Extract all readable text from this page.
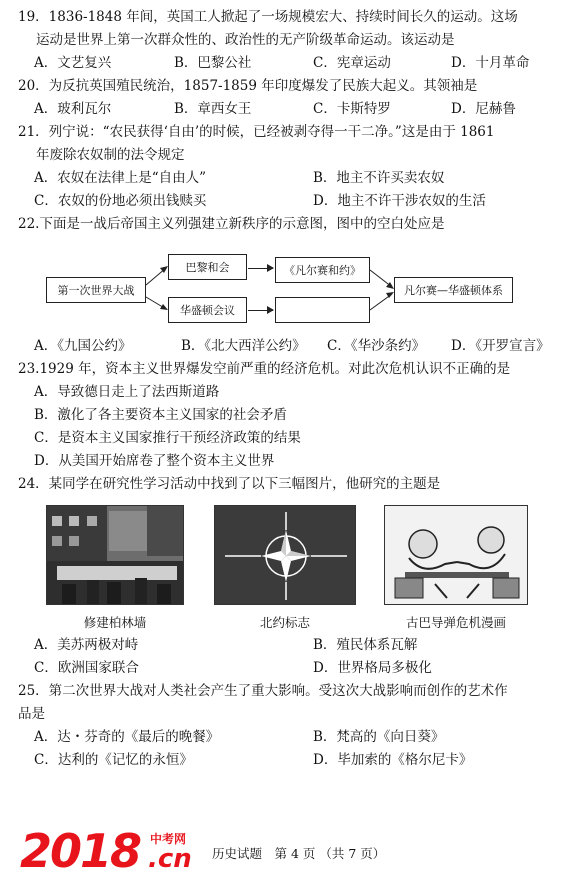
19．1836-1848 年间，英国工人掀起了一场规模宏大、持续时间长久的运动。这场
运动是世界上第一次群众性的、政治性的无产阶级革命运动。该运动是
A．文艺复兴	B．巴黎公社	C．宪章运动	D．十月革命
20．为反抗英国殖民统治，1857-1859 年印度爆发了民族大起义。其领袖是
A．玻利瓦尔	B．章西女王	C．卡斯特罗	D．尼赫鲁
21．列宁说：“农民获得‘自由’的时候，已经被剥夺得一干二净。”这是由于 1861
年废除农奴制的法令规定
A．农奴在法律上是“自由人”	B．地主不许买卖农奴
C．农奴的份地必须出钱赎买	D．地主不许干涉农奴的生活
22.下面是一战后帝国主义列强建立新秩序的示意图，图中的空白处应是
第一次世界大战
巴黎和会	《凡尔赛和约》
华盛顿会议
凡尔赛—华盛顿体系
A．《九国公约》	B．《北大西洋公约》 C．《华沙条约》 D．《开罗宣言》
23.1929 年，资本主义世界爆发空前严重的经济危机。对此次危机认识不正确的是
A．导致德日走上了法西斯道路
B．激化了各主要资本主义国家的社会矛盾
C．是资本主义国家推行干预经济政策的结果
D．从美国开始席卷了整个资本主义世界
24．某同学在研究性学习活动中找到了以下三幅图片，他研究的主题是
修建柏林墙	北约标志	古巴导弹危机漫画
A．美苏两极对峙	B．殖民体系瓦解
C．欧洲国家联合	D．世界格局多极化
25．第二次世界大战对人类社会产生了重大影响。受这次大战影响而创作的艺术作
品是
A．达・芬奇的《最后的晚餐》	B．梵高的《向日葵》
C．达利的《记忆的永恒》	D．毕加索的《格尔尼卡》
2018 中考网
.cn 历史试题　第 4 页 （共 7 页）
